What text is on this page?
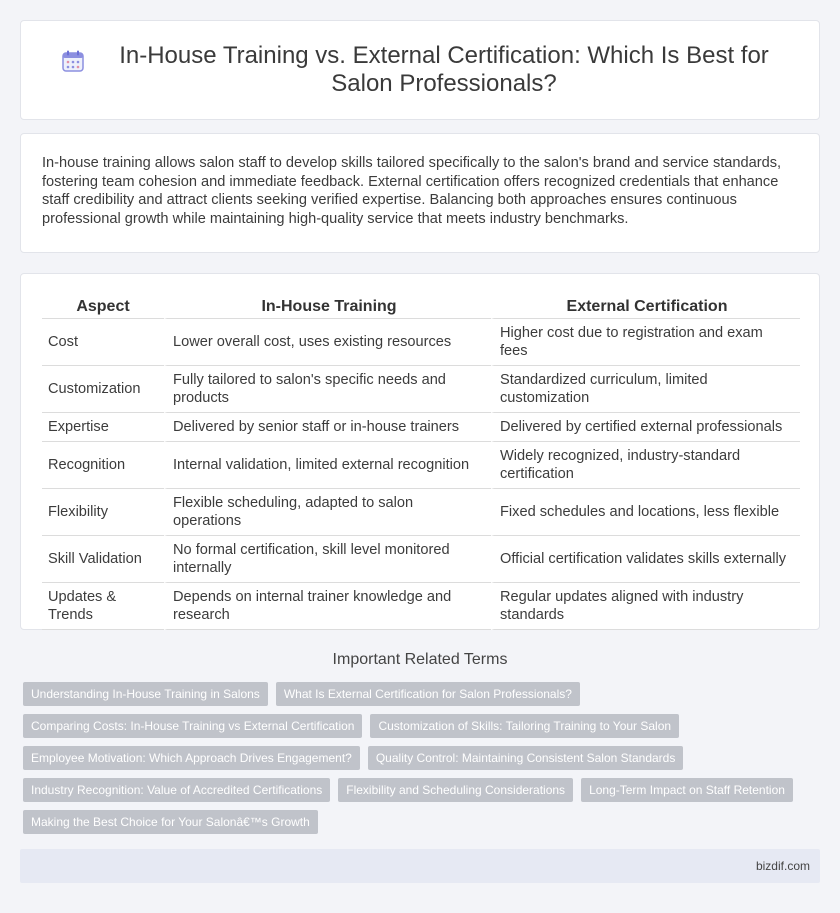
In-House Training vs. External Certification: Which Is Best for Salon Professionals?

In-house training allows salon staff to develop skills tailored specifically to the salon's brand and service standards, fostering team cohesion and immediate feedback. External certification offers recognized credentials that enhance staff credibility and attract clients seeking verified expertise. Balancing both approaches ensures continuous professional growth while maintaining high-quality service that meets industry benchmarks.

Aspect	In-House Training	External Certification
Cost	Lower overall cost, uses existing resources	Higher cost due to registration and exam fees
Customization	Fully tailored to salon's specific needs and products	Standardized curriculum, limited customization
Expertise	Delivered by senior staff or in-house trainers	Delivered by certified external professionals
Recognition	Internal validation, limited external recognition	Widely recognized, industry-standard certification
Flexibility	Flexible scheduling, adapted to salon operations	Fixed schedules and locations, less flexible
Skill Validation	No formal certification, skill level monitored internally	Official certification validates skills externally
Updates & Trends	Depends on internal trainer knowledge and research	Regular updates aligned with industry standards
Important Related Terms
Understanding In-House Training in Salons	What Is External Certification for Salon Professionals?
Comparing Costs: In-House Training vs External Certification	Customization of Skills: Tailoring Training to Your Salon
Employee Motivation: Which Approach Drives Engagement?	Quality Control: Maintaining Consistent Salon Standards
Industry Recognition: Value of Accredited Certifications	Flexibility and Scheduling Considerations	Long-Term Impact on Staff Retention
Making the Best Choice for Your Salonâ€™s Growth
bizdif.com
